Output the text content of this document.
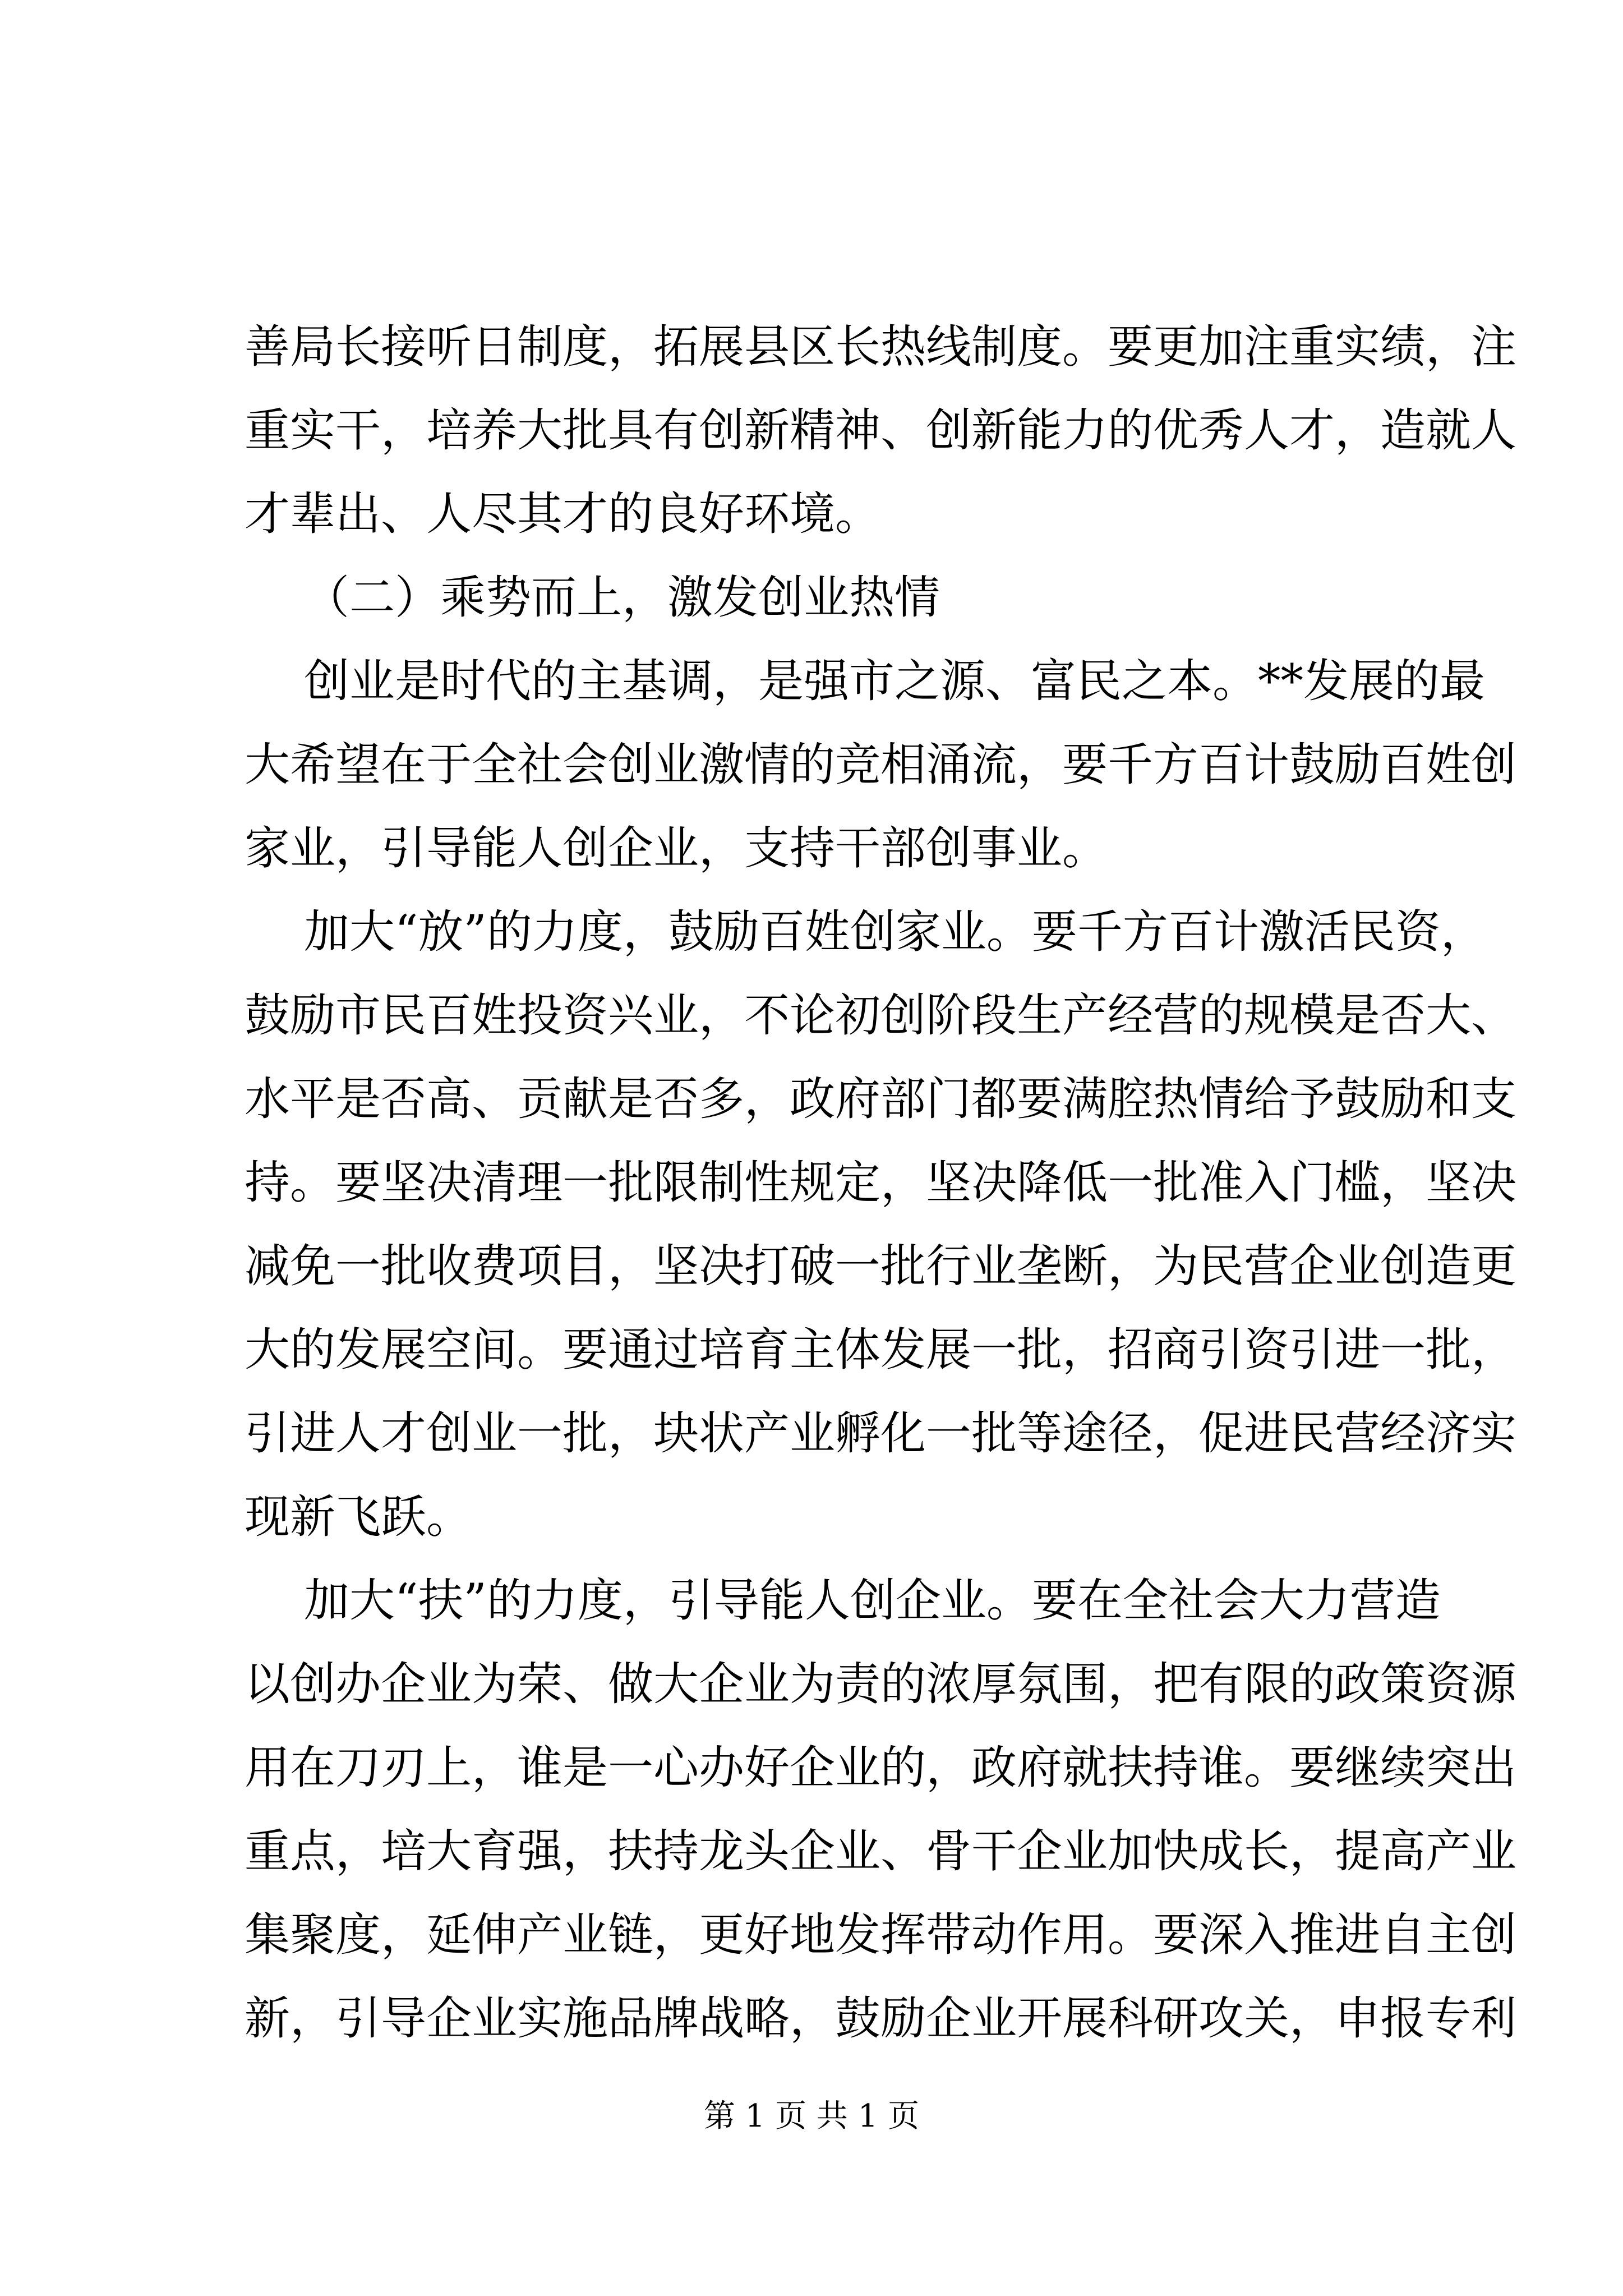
善局长接听日制度，拓展县区长热线制度。要更加注重实绩，注
重实干，培养大批具有创新精神、创新能力的优秀人才，造就人
才辈出、人尽其才的良好环境。
（二）乘势而上，激发创业热情
创业是时代的主基调，是强市之源、富民之本。**发展的最
大希望在于全社会创业激情的竞相涌流，要千方百计鼓励百姓创
家业，引导能人创企业，支持干部创事业。
加大“放”的力度，鼓励百姓创家业。要千方百计激活民资，
鼓励市民百姓投资兴业，不论初创阶段生产经营的规模是否大、
水平是否高、贡献是否多，政府部门都要满腔热情给予鼓励和支
持。要坚决清理一批限制性规定，坚决降低一批准入门槛，坚决
减免一批收费项目，坚决打破一批行业垄断，为民营企业创造更
大的发展空间。要通过培育主体发展一批，招商引资引进一批，
引进人才创业一批，块状产业孵化一批等途径，促进民营经济实
现新飞跃。
加大“扶”的力度，引导能人创企业。要在全社会大力营造
以创办企业为荣、做大企业为责的浓厚氛围，把有限的政策资源
用在刀刃上，谁是一心办好企业的，政府就扶持谁。要继续突出
重点，培大育强，扶持龙头企业、骨干企业加快成长，提高产业
集聚度，延伸产业链，更好地发挥带动作用。要深入推进自主创
新，引导企业实施品牌战略，鼓励企业开展科研攻关，申报专利
第 1 页 共 1 页
